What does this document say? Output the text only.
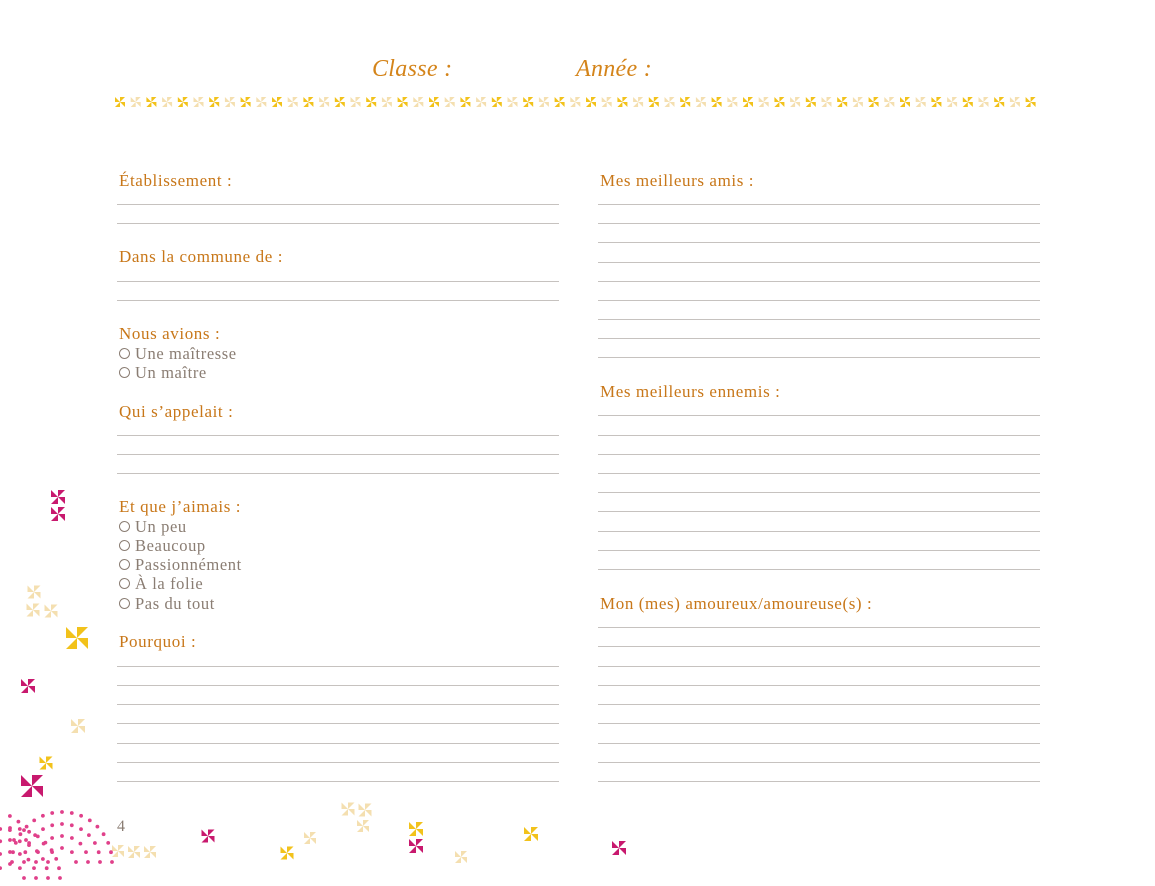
Classe :	Année :
Établissement :
Dans la commune de :
Nous avions :
Une maîtresse
Un maître
Qui s’appelait :
Et que j’aimais :
Un peu
Beaucoup
Passionnément
À la folie
Pas du tout
Pourquoi :
Mes meilleurs amis :
Mes meilleurs ennemis :
Mon (mes) amoureux/amoureuse(s) :
4
